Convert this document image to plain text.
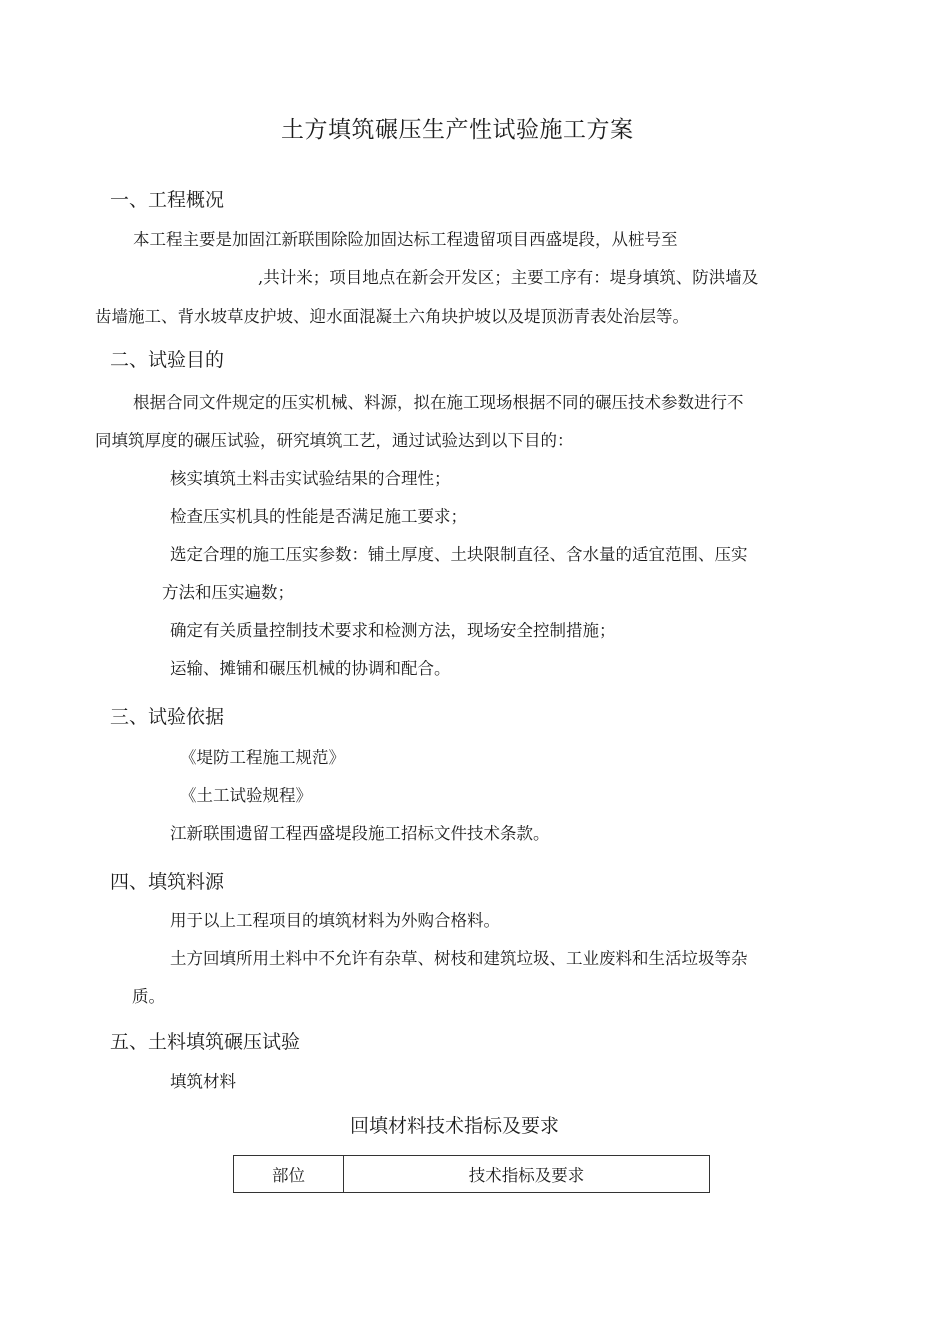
土方填筑碾压生产性试验施工方案
一、工程概况
本工程主要是加固江新联围除险加固达标工程遗留项目西盛堤段，从桩号至
,共计米；项目地点在新会开发区；主要工序有：堤身填筑、防洪墙及
齿墙施工、背水坡草皮护坡、迎水面混凝土六角块护坡以及堤顶沥青表处治层等。
二、试验目的
根据合同文件规定的压实机械、料源，拟在施工现场根据不同的碾压技术参数进行不
同填筑厚度的碾压试验，研究填筑工艺，通过试验达到以下目的：
核实填筑土料击实试验结果的合理性；
检查压实机具的性能是否满足施工要求；
选定合理的施工压实参数：铺土厚度、土块限制直径、含水量的适宜范围、压实
方法和压实遍数；
确定有关质量控制技术要求和检测方法，现场安全控制措施；
运输、摊铺和碾压机械的协调和配合。
三、试验依据
《堤防工程施工规范》
《土工试验规程》
江新联围遗留工程西盛堤段施工招标文件技术条款。
四、填筑料源
用于以上工程项目的填筑材料为外购合格料。
土方回填所用土料中不允许有杂草、树枝和建筑垃圾、工业废料和生活垃圾等杂
质。
五、土料填筑碾压试验
填筑材料
回填材料技术指标及要求
部位	技术指标及要求
